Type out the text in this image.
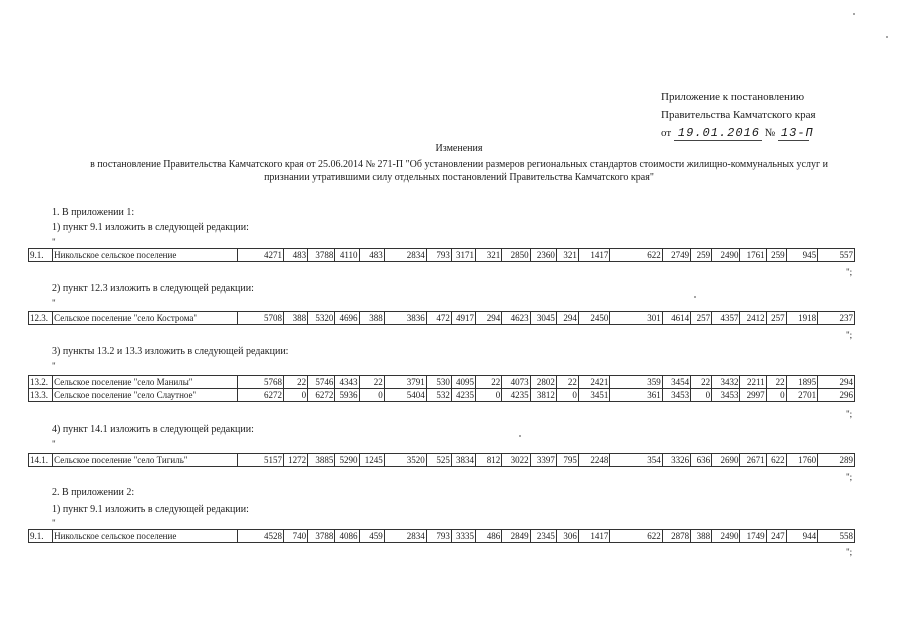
Приложение к постановлению
Правительства Камчатского края
от 19.01.2016 № 13-П
Изменения
в постановление Правительства Камчатского края от 25.06.2014 № 271-П "Об установлении размеров региональных стандартов стоимости жилищно-коммунальных услуг и
признании утратившими силу отдельных постановлений Правительства Камчатского края"
1. В приложении 1:
1) пункт 9.1 изложить в следующей редакции:
"
9.1.	Никольское сельское поселение	4271	483	3788	4110	483	2834	793	3171	321	2850	2360	321	1417	622	2749	259	2490	1761	259	945	557
";
2) пункт 12.3 изложить в следующей редакции:
"
12.3.	Сельское поселение "село Кострома"	5708	388	5320	4696	388	3836	472	4917	294	4623	3045	294	2450	301	4614	257	4357	2412	257	1918	237
";
3) пункты 13.2 и 13.3 изложить в следующей редакции:
"
13.2.	Сельское поселение "село Манилы"	5768	22	5746	4343	22	3791	530	4095	22	4073	2802	22	2421	359	3454	22	3432	2211	22	1895	294
13.3.	Сельское поселение "село Слаутное"	6272	0	6272	5936	0	5404	532	4235	0	4235	3812	0	3451	361	3453	0	3453	2997	0	2701	296
";
4) пункт 14.1 изложить в следующей редакции:
"
14.1.	Сельское поселение "село Тигиль"	5157	1272	3885	5290	1245	3520	525	3834	812	3022	3397	795	2248	354	3326	636	2690	2671	622	1760	289
";
2. В приложении 2:
1) пункт 9.1 изложить в следующей редакции:
"
9.1.	Никольское сельское поселение	4528	740	3788	4086	459	2834	793	3335	486	2849	2345	306	1417	622	2878	388	2490	1749	247	944	558
";
